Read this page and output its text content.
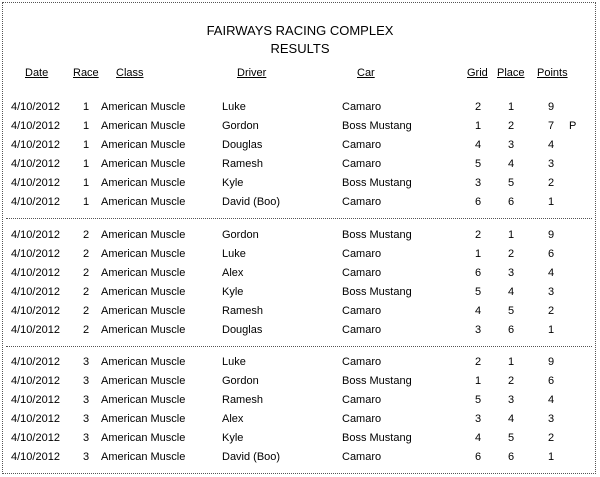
FAIRWAYS RACING COMPLEX
RESULTS
Date Race Class	Driver	Car	Grid Place Points
4/10/2012	1	American Muscle	Luke	Camaro	2	1	9
4/10/2012	1	American Muscle	Gordon	Boss Mustang	1	2	7	P
4/10/2012	1	American Muscle	Douglas	Camaro	4	3	4
4/10/2012	1	American Muscle	Ramesh	Camaro	5	4	3
4/10/2012	1	American Muscle	Kyle	Boss Mustang	3	5	2
4/10/2012	1	American Muscle	David (Boo)	Camaro	6	6	1
4/10/2012	2	American Muscle	Gordon	Boss Mustang	2	1	9
4/10/2012	2	American Muscle	Luke	Camaro	1	2	6
4/10/2012	2	American Muscle	Alex	Camaro	6	3	4
4/10/2012	2	American Muscle	Kyle	Boss Mustang	5	4	3
4/10/2012	2	American Muscle	Ramesh	Camaro	4	5	2
4/10/2012	2	American Muscle	Douglas	Camaro	3	6	1
4/10/2012	3	American Muscle	Luke	Camaro	2	1	9
4/10/2012	3	American Muscle	Gordon	Boss Mustang	1	2	6
4/10/2012	3	American Muscle	Ramesh	Camaro	5	3	4
4/10/2012	3	American Muscle	Alex	Camaro	3	4	3
4/10/2012	3	American Muscle	Kyle	Boss Mustang	4	5	2
4/10/2012	3	American Muscle	David (Boo)	Camaro	6	6	1
